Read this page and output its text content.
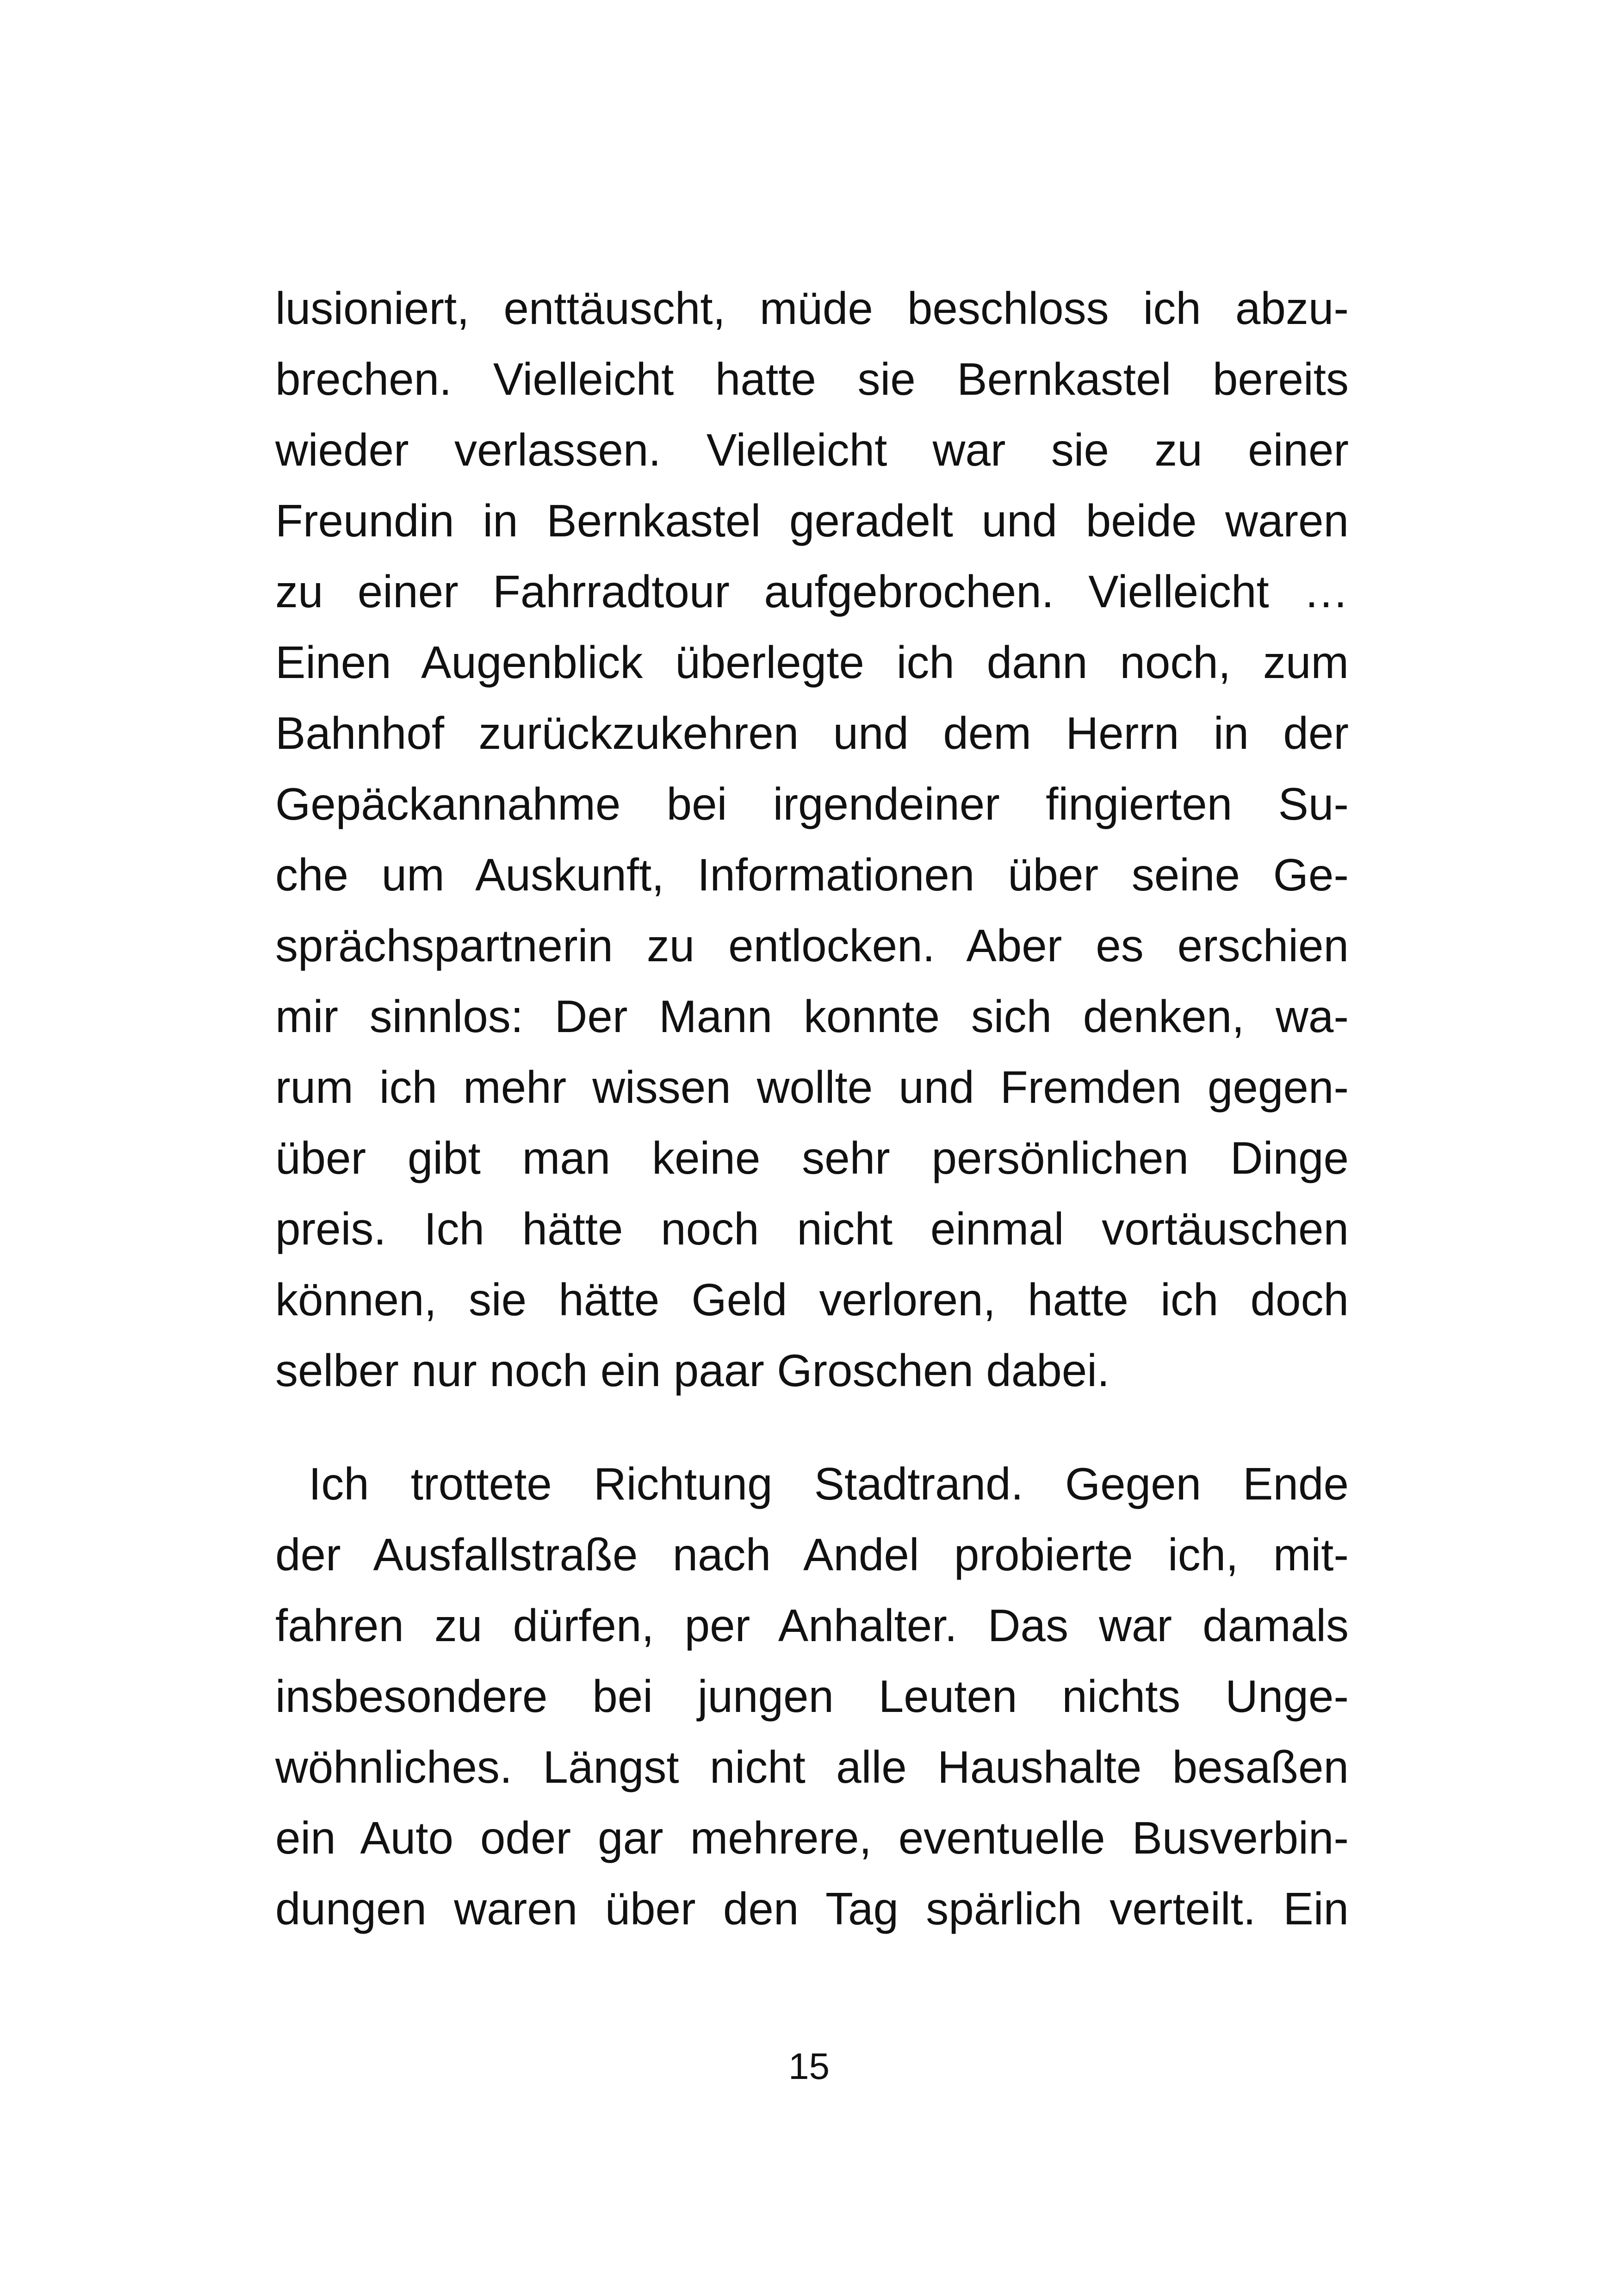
lusioniert, enttäuscht, müde beschloss ich abzu-
brechen. Vielleicht hatte sie Bernkastel bereits
wieder verlassen. Vielleicht war sie zu einer
Freundin in Bernkastel geradelt und beide waren
zu einer Fahrradtour aufgebrochen. Vielleicht …
Einen Augenblick überlegte ich dann noch, zum
Bahnhof zurückzukehren und dem Herrn in der
Gepäckannahme bei irgendeiner fingierten Su-
che um Auskunft, Informationen über seine Ge-
sprächspartnerin zu entlocken. Aber es erschien
mir sinnlos: Der Mann konnte sich denken, wa-
rum ich mehr wissen wollte und Fremden gegen-
über gibt man keine sehr persönlichen Dinge
preis. Ich hätte noch nicht einmal vortäuschen
können, sie hätte Geld verloren, hatte ich doch
selber nur noch ein paar Groschen dabei.
Ich trottete Richtung Stadtrand. Gegen Ende
der Ausfallstraße nach Andel probierte ich, mit-
fahren zu dürfen, per Anhalter. Das war damals
insbesondere bei jungen Leuten nichts Unge-
wöhnliches. Längst nicht alle Haushalte besaßen
ein Auto oder gar mehrere, eventuelle Busverbin-
dungen waren über den Tag spärlich verteilt. Ein
15
